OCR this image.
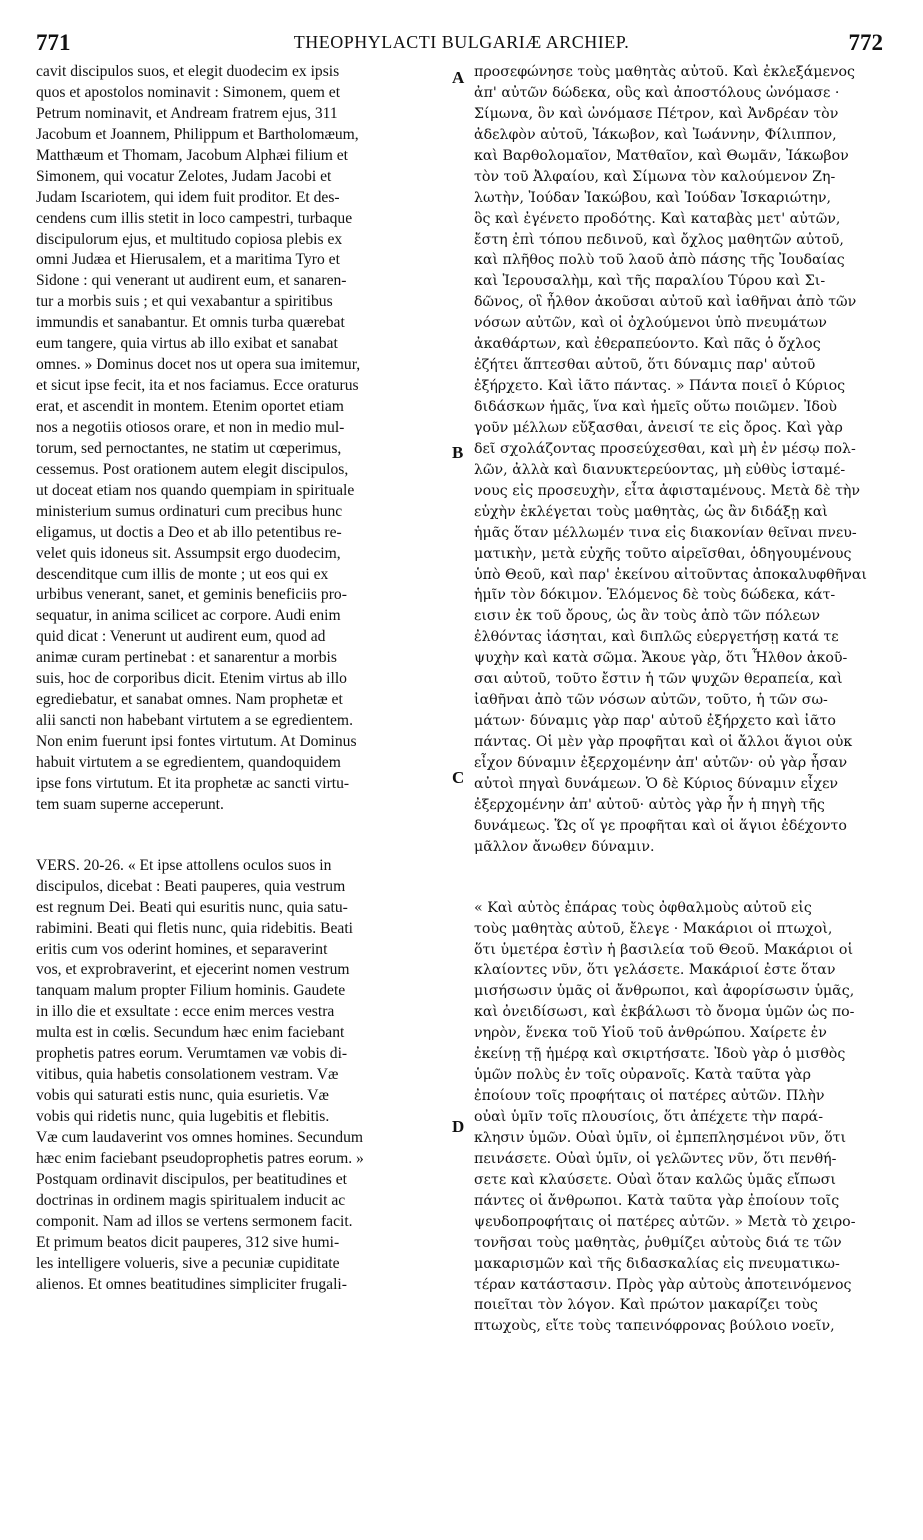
771	THEOPHYLACTI BULGARIÆ ARCHIEP.	772
cavit discipulos suos, et elegit duodecim ex ipsis
quos et apostolos nominavit : Simonem, quem et
Petrum nominavit, et Andream fratrem ejus, 311
Jacobum et Joannem, Philippum et Bartholomæum,
Matthæum et Thomam, Jacobum Alphæi filium et
Simonem, qui vocatur Zelotes, Judam Jacobi et
Judam Iscariotem, qui idem fuit proditor. Et des-
cendens cum illis stetit in loco campestri, turbaque
discipulorum ejus, et multitudo copiosa plebis ex
omni Judæa et Hierusalem, et a maritima Tyro et
Sidone : qui venerant ut audirent eum, et sanaren-
tur a morbis suis ; et qui vexabantur a spiritibus
immundis et sanabantur. Et omnis turba quærebat
eum tangere, quia virtus ab illo exibat et sanabat
omnes. » Dominus docet nos ut opera sua imitemur,
et sicut ipse fecit, ita et nos faciamus. Ecce oraturus
erat, et ascendit in montem. Etenim oportet etiam
nos a negotiis otiosos orare, et non in medio mul-
torum, sed pernoctantes, ne statim ut cœperimus,
cessemus. Post orationem autem elegit discipulos,
ut doceat etiam nos quando quempiam in spirituale
ministerium sumus ordinaturi cum precibus hunc
eligamus, ut doctis a Deo et ab illo petentibus re-
velet quis idoneus sit. Assumpsit ergo duodecim,
descenditque cum illis de monte ; ut eos qui ex
urbibus venerant, sanet, et geminis beneficiis pro-
sequatur, in anima scilicet ac corpore. Audi enim
quid dicat : Venerunt ut audirent eum, quod ad
animæ curam pertinebat : et sanarentur a morbis
suis, hoc de corporibus dicit. Etenim virtus ab illo
egrediebatur, et sanabat omnes. Nam prophetæ et
alii sancti non habebant virtutem a se egredientem.
Non enim fuerunt ipsi fontes virtutum. At Dominus
habuit virtutem a se egredientem, quandoquidem
ipse fons virtutum. Et ita prophetæ ac sancti virtu-
tem suam superne acceperunt.
VERS. 20-26. « Et ipse attollens oculos suos in
discipulos, dicebat : Beati pauperes, quia vestrum
est regnum Dei. Beati qui esuritis nunc, quia satu-
rabimini. Beati qui fletis nunc, quia ridebitis. Beati
eritis cum vos oderint homines, et separaverint
vos, et exprobraverint, et ejecerint nomen vestrum
tanquam malum propter Filium hominis. Gaudete
in illo die et exsultate : ecce enim merces vestra
multa est in cœlis. Secundum hæc enim faciebant
prophetis patres eorum. Verumtamen væ vobis di-
vitibus, quia habetis consolationem vestram. Væ
vobis qui saturati estis nunc, quia esurietis. Væ
vobis qui ridetis nunc, quia lugebitis et flebitis.
Væ cum laudaverint vos omnes homines. Secundum
hæc enim faciebant pseudoprophetis patres eorum. »
Postquam ordinavit discipulos, per beatitudines et
doctrinas in ordinem magis spiritualem inducit ac
componit. Nam ad illos se vertens sermonem facit.
Et primum beatos dicit pauperes, 312 sive humi-
les intelligere volueris, sive a pecuniæ cupiditate
alienos. Et omnes beatitudines simpliciter frugali-
προσεφώνησε τοὺς μαθητὰς αὐτοῦ. Καὶ ἐκλεξάμενος
ἀπ' αὐτῶν δώδεκα, οὓς καὶ ἀποστόλους ὠνόμασε ·
Σίμωνα, ὃν καὶ ὠνόμασε Πέτρον, καὶ Ἀνδρέαν τὸν
ἀδελφὸν αὐτοῦ, Ἰάκωβον, καὶ Ἰωάννην, Φίλιππον,
καὶ Βαρθολομαῖον, Ματθαῖον, καὶ Θωμᾶν, Ἰάκωβον
τὸν τοῦ Ἀλφαίου, καὶ Σίμωνα τὸν καλούμενον Ζη-
λωτὴν, Ἰούδαν Ἰακώβου, καὶ Ἰούδαν Ἰσκαριώτην,
ὃς καὶ ἐγένετο προδότης. Καὶ καταβὰς μετ' αὐτῶν,
ἔστη ἐπὶ τόπου πεδινοῦ, καὶ ὄχλος μαθητῶν αὐτοῦ,
καὶ πλῆθος πολὺ τοῦ λαοῦ ἀπὸ πάσης τῆς Ἰουδαίας
καὶ Ἰερουσαλὴμ, καὶ τῆς παραλίου Τύρου καὶ Σι-
δῶνος, οἳ ἦλθον ἀκοῦσαι αὐτοῦ καὶ ἰαθῆναι ἀπὸ τῶν
νόσων αὐτῶν, καὶ οἱ ὀχλούμενοι ὑπὸ πνευμάτων
ἀκαθάρτων, καὶ ἐθεραπεύοντο. Καὶ πᾶς ὁ ὄχλος
ἐζήτει ἅπτεσθαι αὐτοῦ, ὅτι δύναμις παρ' αὐτοῦ
ἐξήρχετο. Καὶ ἰᾶτο πάντας. » Πάντα ποιεῖ ὁ Κύριος
διδάσκων ἡμᾶς, ἵνα καὶ ἡμεῖς οὕτω ποιῶμεν. Ἰδοὺ
γοῦν μέλλων εὔξασθαι, ἀνεισί τε εἰς ὄρος. Καὶ γὰρ
δεῖ σχολάζοντας προσεύχεσθαι, καὶ μὴ ἐν μέσῳ πολ-
λῶν, ἀλλὰ καὶ διανυκτερεύοντας, μὴ εὐθὺς ἱσταμέ-
νους εἰς προσευχὴν, εἶτα ἀφισταμένους. Μετὰ δὲ τὴν
εὐχὴν ἐκλέγεται τοὺς μαθητὰς, ὡς ἂν διδάξῃ καὶ
ἡμᾶς ὅταν μέλλωμέν τινα εἰς διακονίαν θεῖναι πνευ-
ματικὴν, μετὰ εὐχῆς τοῦτο αἱρεῖσθαι, ὁδηγουμένους
ὑπὸ Θεοῦ, καὶ παρ' ἐκείνου αἰτοῦντας ἀποκαλυφθῆναι
ἡμῖν τὸν δόκιμον. Ἑλόμενος δὲ τοὺς δώδεκα, κάτ-
εισιν ἐκ τοῦ ὄρους, ὡς ἂν τοὺς ἀπὸ τῶν πόλεων
ἐλθόντας ἰάσηται, καὶ διπλῶς εὐεργετήσῃ κατά τε
ψυχὴν καὶ κατὰ σῶμα. Ἄκουε γὰρ, ὅτι Ἦλθον ἀκοῦ-
σαι αὐτοῦ, τοῦτο ἔστιν ἡ τῶν ψυχῶν θεραπεία, καὶ
ἰαθῆναι ἀπὸ τῶν νόσων αὐτῶν, τοῦτο, ἡ τῶν σω-
μάτων· δύναμις γὰρ παρ' αὐτοῦ ἐξήρχετο καὶ ἰᾶτο
πάντας. Οἱ μὲν γὰρ προφῆται καὶ οἱ ἄλλοι ἅγιοι οὐκ
εἶχον δύναμιν ἐξερχομένην ἀπ' αὐτῶν· οὐ γὰρ ἦσαν
αὐτοὶ πηγαὶ δυνάμεων. Ὁ δὲ Κύριος δύναμιν εἶχεν
ἐξερχομένην ἀπ' αὐτοῦ· αὐτὸς γὰρ ἦν ἡ πηγὴ τῆς
δυνάμεως. Ὥς οἵ γε προφῆται καὶ οἱ ἅγιοι ἐδέχοντο
μᾶλλον ἄνωθεν δύναμιν.
« Καὶ αὐτὸς ἐπάρας τοὺς ὀφθαλμοὺς αὐτοῦ εἰς
τοὺς μαθητὰς αὐτοῦ, ἔλεγε · Μακάριοι οἱ πτωχοὶ,
ὅτι ὑμετέρα ἐστὶν ἡ βασιλεία τοῦ Θεοῦ. Μακάριοι οἱ
κλαίοντες νῦν, ὅτι γελάσετε. Μακάριοί ἐστε ὅταν
μισήσωσιν ὑμᾶς οἱ ἄνθρωποι, καὶ ἀφορίσωσιν ὑμᾶς,
καὶ ὀνειδίσωσι, καὶ ἐκβάλωσι τὸ ὄνομα ὑμῶν ὡς πο-
νηρὸν, ἕνεκα τοῦ Υἱοῦ τοῦ ἀνθρώπου. Χαίρετε ἐν
ἐκείνῃ τῇ ἡμέρᾳ καὶ σκιρτήσατε. Ἰδοὺ γὰρ ὁ μισθὸς
ὑμῶν πολὺς ἐν τοῖς οὐρανοῖς. Κατὰ ταῦτα γὰρ
ἐποίουν τοῖς προφήταις οἱ πατέρες αὐτῶν. Πλὴν
οὐαὶ ὑμῖν τοῖς πλουσίοις, ὅτι ἀπέχετε τὴν παρά-
κλησιν ὑμῶν. Οὐαὶ ὑμῖν, οἱ ἐμπεπλησμένοι νῦν, ὅτι
πεινάσετε. Οὐαὶ ὑμῖν, οἱ γελῶντες νῦν, ὅτι πενθή-
σετε καὶ κλαύσετε. Οὐαὶ ὅταν καλῶς ὑμᾶς εἴπωσι
πάντες οἱ ἄνθρωποι. Κατὰ ταῦτα γὰρ ἐποίουν τοῖς
ψευδοπροφήταις οἱ πατέρες αὐτῶν. » Μετὰ τὸ χειρο-
τονῆσαι τοὺς μαθητὰς, ῥυθμίζει αὐτοὺς διά τε τῶν
μακαρισμῶν καὶ τῆς διδασκαλίας εἰς πνευματικω-
τέραν κατάστασιν. Πρὸς γὰρ αὐτοὺς ἀποτεινόμενος
ποιεῖται τὸν λόγον. Καὶ πρώτον μακαρίζει τοὺς
πτωχοὺς, εἴτε τοὺς ταπεινόφρονας βούλοιο νοεῖν,
A
B
C
D
